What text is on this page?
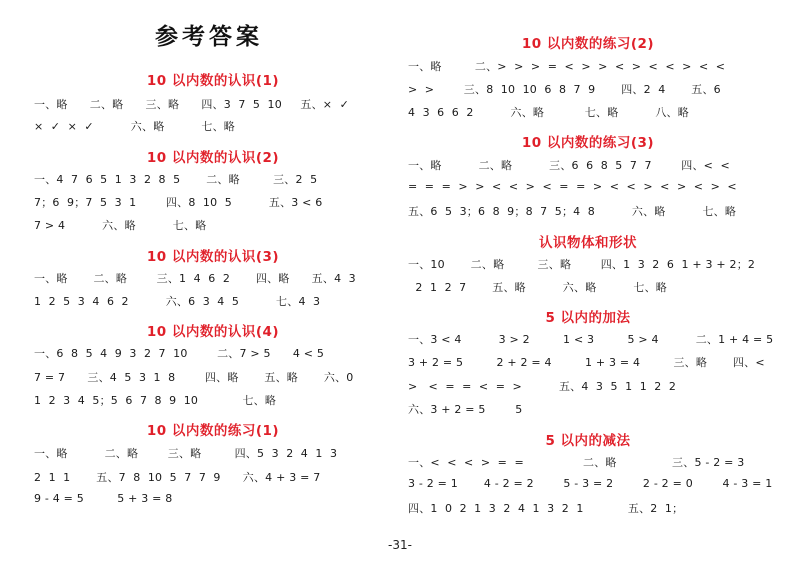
参考答案
10 以内数的认识(1)
一、略      二、略      三、略      四、3  7  5  10     五、×  ✓
×  ✓  ×  ✓          六、略          七、略
10 以内数的认识(2)
一、4  7  6  5  1  3  2  8  5       二、略         三、2  5
7；6  9；7  5  3  1        四、8  10  5          五、3 < 6
7 > 4          六、略          七、略
10 以内数的认识(3)
一、略       二、略        三、1  4  6  2       四、略      五、4  3
1  2  5  3  4  6  2          六、6  3  4  5          七、4  3
10 以内数的认识(4)
一、6  8  5  4  9  3  2  7  10        二、7 > 5      4 < 5
7 = 7      三、4  5  3  1  8        四、略       五、略       六、0
1  2  3  4  5；5  6  7  8  9  10            七、略
10 以内数的练习(1)
一、略          二、略        三、略         四、5  3  2  4  1  3
2  1  1       五、7  8  10  5  7  7  9      六、4 + 3 = 7
9 - 4 = 5         5 + 3 = 8
10 以内数的练习(2)
一、略         二、>  >  >  =  <  >  >  <  >  <  <  >  <  <
>  >        三、8  10  10  6  8  7  9       四、2  4       五、6
4  3  6  6  2          六、略           七、略          八、略
10 以内数的练习(3)
一、略          二、略          三、6  6  8  5  7  7        四、<  <
=  =  =  >  >  <  <  >  <  =  =  >  <  <  >  <  >  <  >  <
五、6  5  3；6  8  9；8  7  5；4  8          六、略          七、略
认识物体和形状
一、10       二、略         三、略        四、1  3  2  6  1 + 3 + 2；2
2  1  2  7       五、略          六、略          七、略
5 以内的加法
一、3 < 4          3 > 2         1 < 3         5 > 4          二、1 + 4 = 5
3 + 2 = 5         2 + 2 = 4         1 + 3 = 4         三、略       四、<
>   <  =  =  <  =  >          五、4  3  5  1  1  2  2
六、3 + 2 = 5        5
5 以内的减法
一、<  <  <  >  =  =                二、略               三、5 - 2 = 3
3 - 2 = 1       4 - 2 = 2        5 - 3 = 2        2 - 2 = 0        4 - 3 = 1
四、1  0  2  1  3  2  4  1  3  2  1            五、2  1；
-31-
